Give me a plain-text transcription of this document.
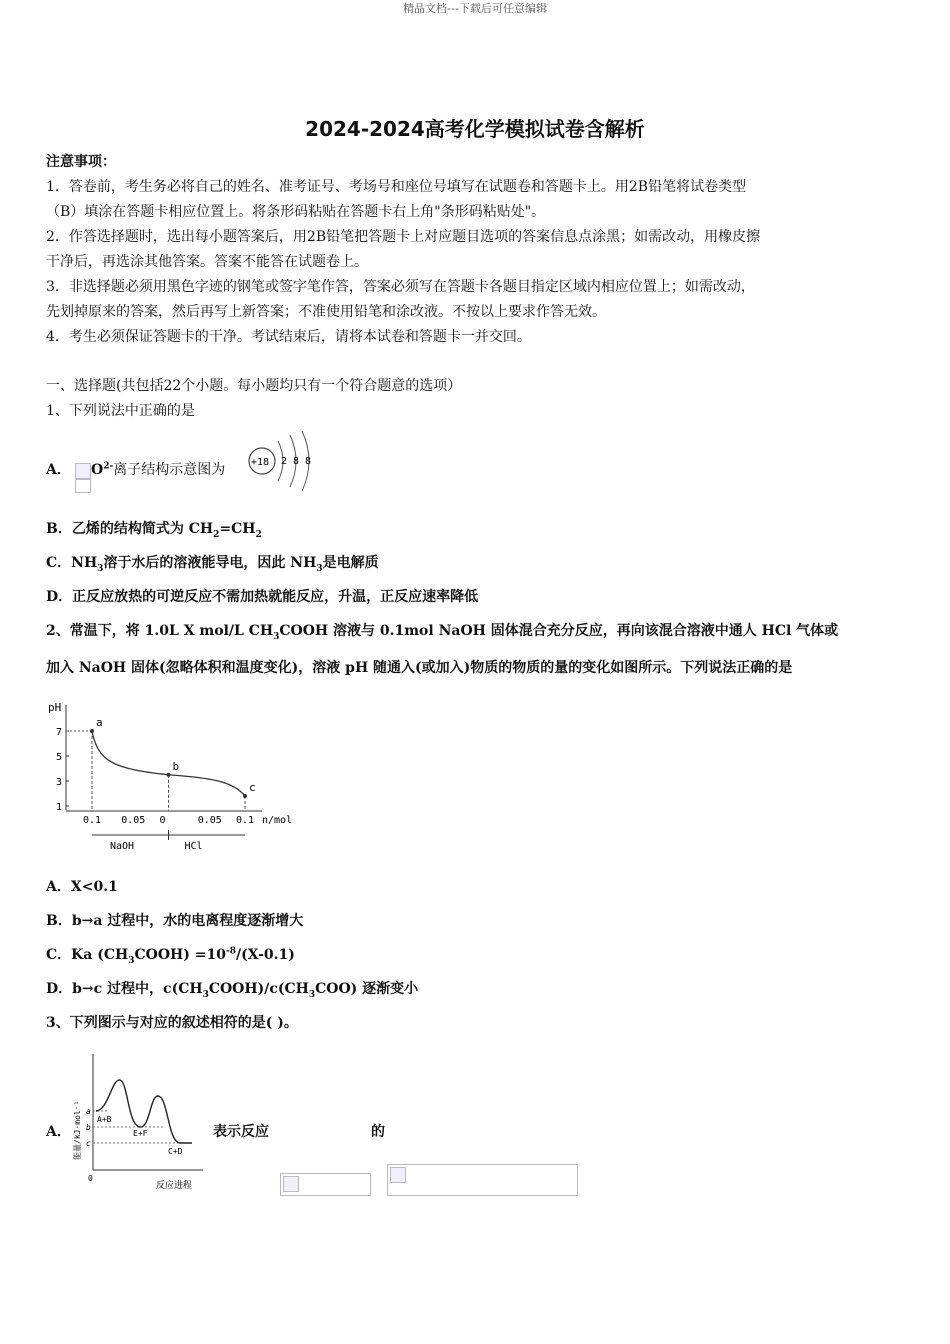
精品文档---下载后可任意编辑
2024-2024高考化学模拟试卷含解析
注意事项：
1．答卷前，考生务必将自己的姓名、准考证号、考场号和座位号填写在试题卷和答题卡上。用2B铅笔将试卷类型
（B）填涂在答题卡相应位置上。将条形码粘贴在答题卡右上角"条形码粘贴处"。
2．作答选择题时，选出每小题答案后，用2B铅笔把答题卡上对应题目选项的答案信息点涂黑；如需改动，用橡皮擦
干净后，再选涂其他答案。答案不能答在试题卷上。
3．非选择题必须用黑色字迹的钢笔或签字笔作答，答案必须写在答题卡各题目指定区域内相应位置上；如需改动，
先划掉原来的答案，然后再写上新答案；不准使用铅笔和涂改液。不按以上要求作答无效。
4．考生必须保证答题卡的干净。考试结束后，请将本试卷和答题卡一并交回。
一、选择题(共包括22个小题。每小题均只有一个符合题意的选项）
1、下列说法中正确的是
A． $O^{2-}$离子结构示意图为	+18 2 8 8
B．乙烯的结构简式为 $CH_2=CH_2$
C．$NH_3$溶于水后的溶液能导电，因此 $NH_3$是电解质
D．正反应放热的可逆反应不需加热就能反应，升温，正反应速率降低
2、常温下，将 1.0L X mol/L $CH_3COOH$ 溶液与 0.1mol NaOH 固体混合充分反应，再向该混合溶液中通人 HCl 气体或
加入 NaOH 固体(忽略体积和温度变化)，溶液 pH 随通入(或加入)物质的物质的量的变化如图所示。下列说法正确的是
pH
n/mol
7
5
3
1
0.1 0.05 0	0.05 0.1
NaOH	HCl
a
b
c
A．X<0.1
B．b→a 过程中，水的电离程度逐渐增大
C．Ka $(CH_3COOH) =10^{-8}/(X-0.1)$
D．b→c 过程中，$c(CH_3COOH)/c(CH_3COO)$ 逐渐变小
3、下列图示与对应的叙述相符的是( )。
A．
0
反应进程
能量/kJ·mol⁻¹ a
b
c
A+B
E+F
C+D
表示反应	的
